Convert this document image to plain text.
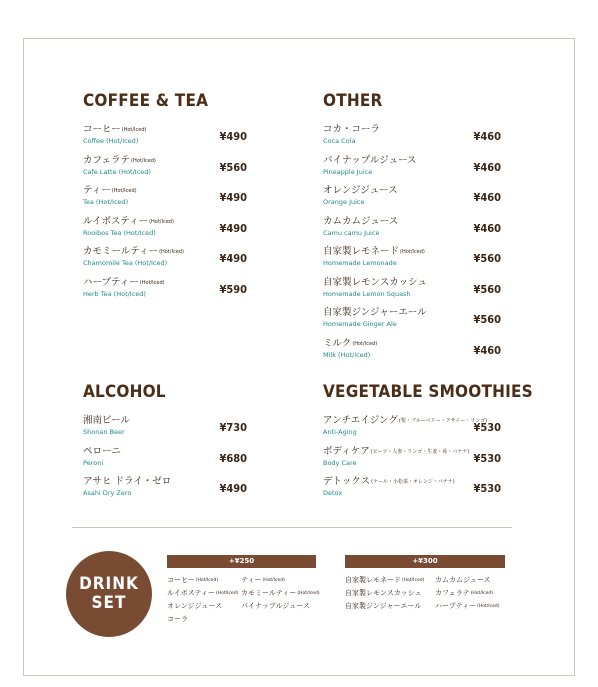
COFFEE & TEA
コーヒー(Hot/Iced)
Coffee (Hot/Iced)	¥490
カフェラテ(Hot/Iced)
Cafe Latte (Hot/Iced)	¥560
ティー(Hot/Iced)
Tea (Hot/Iced)	¥490
ルイボスティー(Hot/Iced)
Rooibos Tea (Hot/Iced)	¥490
カモミールティー(Hot/Iced)
Chamomile Tea (Hot/Iced)	¥490
ハーブティー(Hot/Iced)
Herb Tea (Hot/Iced)	¥590
OTHER
コカ・コーラ
Coca Cola	¥460
パイナップルジュース
Pineapple Juice	¥460
オレンジジュース
Orange Juice	¥460
カムカムジュース
Camu camu Juice	¥460
自家製レモネード(Hot/Iced)
Homemade Lemonade	¥560
自家製レモンスカッシュ
Homemade Lemon Squash	¥560
自家製ジンジャーエール
Homemade Ginger Ale	¥560
ミルク(Hot/Iced)
Milk (Hot/Iced)	¥460
ALCOHOL
湘南ビール
Shonan Beer	¥730
ペローニ
Peroni	¥680
アサヒ ドライ・ゼロ
Asahi Dry Zero	¥490
VEGETABLE SMOOTHIES
アンチエイジング(梨・ブルーベリー・アサイー・リンゴ)
Anti-Aging	¥530
ボディケア(ビーツ・人参・リンゴ・生姜・苺・バナナ)
Body Care	¥530
デトックス(ケール・小松菜・オレンジ・バナナ)
Detox	¥530
DRINK
SET
+¥250	+¥300
コーヒー(Hot/Iced)	ティー(Hot/Iced)
ルイボスティー(Hot/Iced) カモミールティー(Hot/Iced)
オレンジジュース	パイナップルジュース
コーラ
自家製レモネード(Hot/Iced) カムカムジュース
自家製レモンスカッシュ カフェラテ(Hot/Iced)
自家製ジンジャーエール ハーブティー(Hot/Iced)
